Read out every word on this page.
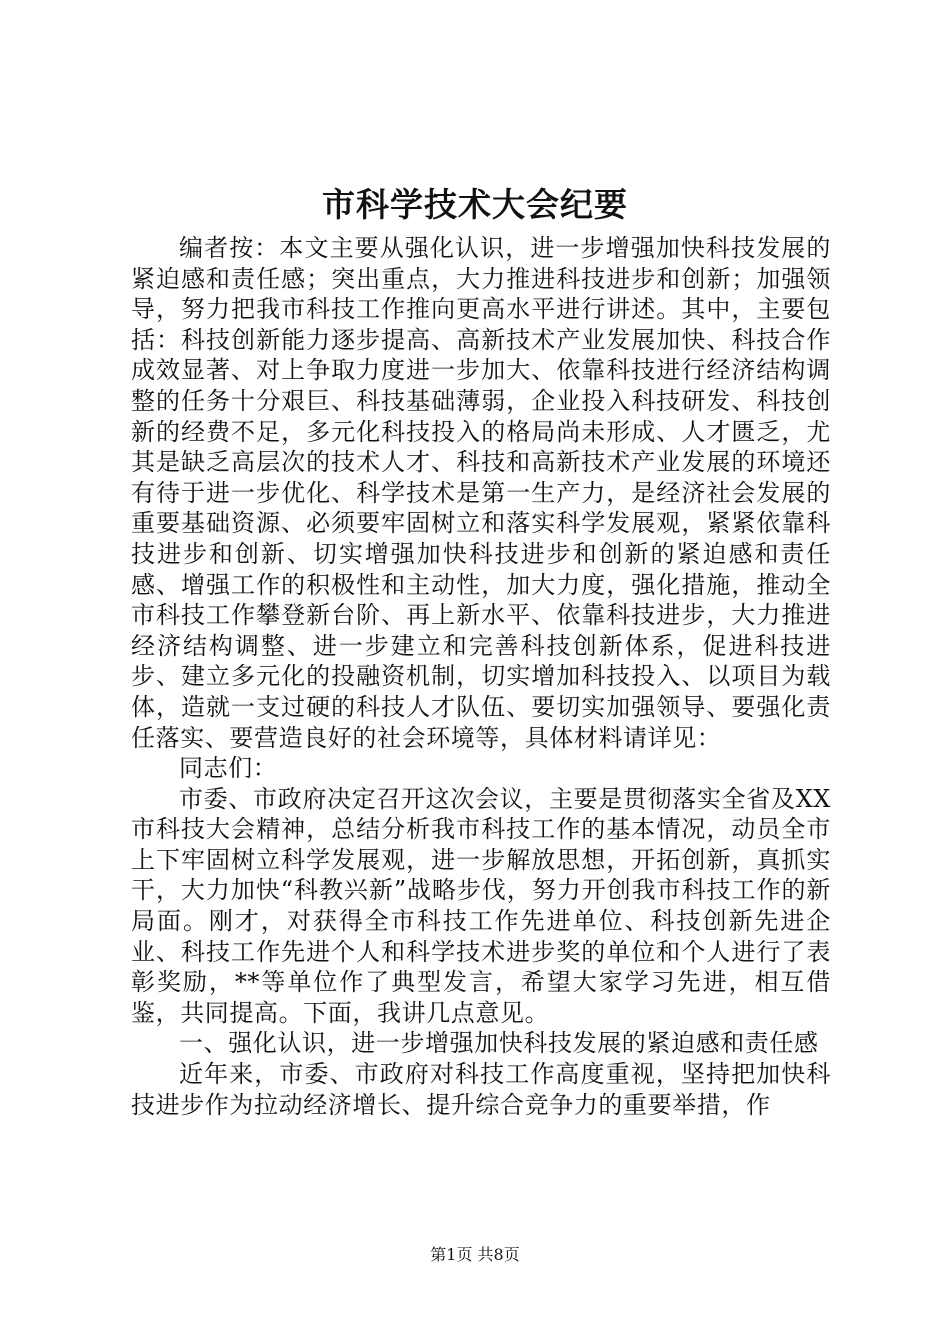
市科学技术大会纪要

编者按：本文主要从强化认识，进一步增强加快科技发展的紧迫感和责任感；突出重点，大力推进科技进步和创新；加强领导，努力把我市科技工作推向更高水平进行讲述。其中，主要包括：科技创新能力逐步提高、高新技术产业发展加快、科技合作成效显著、对上争取力度进一步加大、依靠科技进行经济结构调整的任务十分艰巨、科技基础薄弱，企业投入科技研发、科技创新的经费不足，多元化科技投入的格局尚未形成、人才匮乏，尤其是缺乏高层次的技术人才、科技和高新技术产业发展的环境还有待于进一步优化、科学技术是第一生产力，是经济社会发展的重要基础资源、必须要牢固树立和落实科学发展观，紧紧依靠科技进步和创新、切实增强加快科技进步和创新的紧迫感和责任感、增强工作的积极性和主动性，加大力度，强化措施，推动全市科技工作攀登新台阶、再上新水平、依靠科技进步，大力推进经济结构调整、进一步建立和完善科技创新体系，促进科技进步、建立多元化的投融资机制，切实增加科技投入、以项目为载体，造就一支过硬的科技人才队伍、要切实加强领导、要强化责任落实、要营造良好的社会环境等，具体材料请详见：

同志们：

市委、市政府决定召开这次会议，主要是贯彻落实全省及XX市科技大会精神，总结分析我市科技工作的基本情况，动员全市上下牢固树立科学发展观，进一步解放思想，开拓创新，真抓实干，大力加快“科教兴新”战略步伐，努力开创我市科技工作的新局面。刚才，对获得全市科技工作先进单位、科技创新先进企业、科技工作先进个人和科学技术进步奖的单位和个人进行了表彰奖励，**等单位作了典型发言，希望大家学习先进，相互借鉴，共同提高。下面，我讲几点意见。

一、强化认识，进一步增强加快科技发展的紧迫感和责任感

近年来，市委、市政府对科技工作高度重视，坚持把加快科技进步作为拉动经济增长、提升综合竞争力的重要举措，作

第1页 共8页
